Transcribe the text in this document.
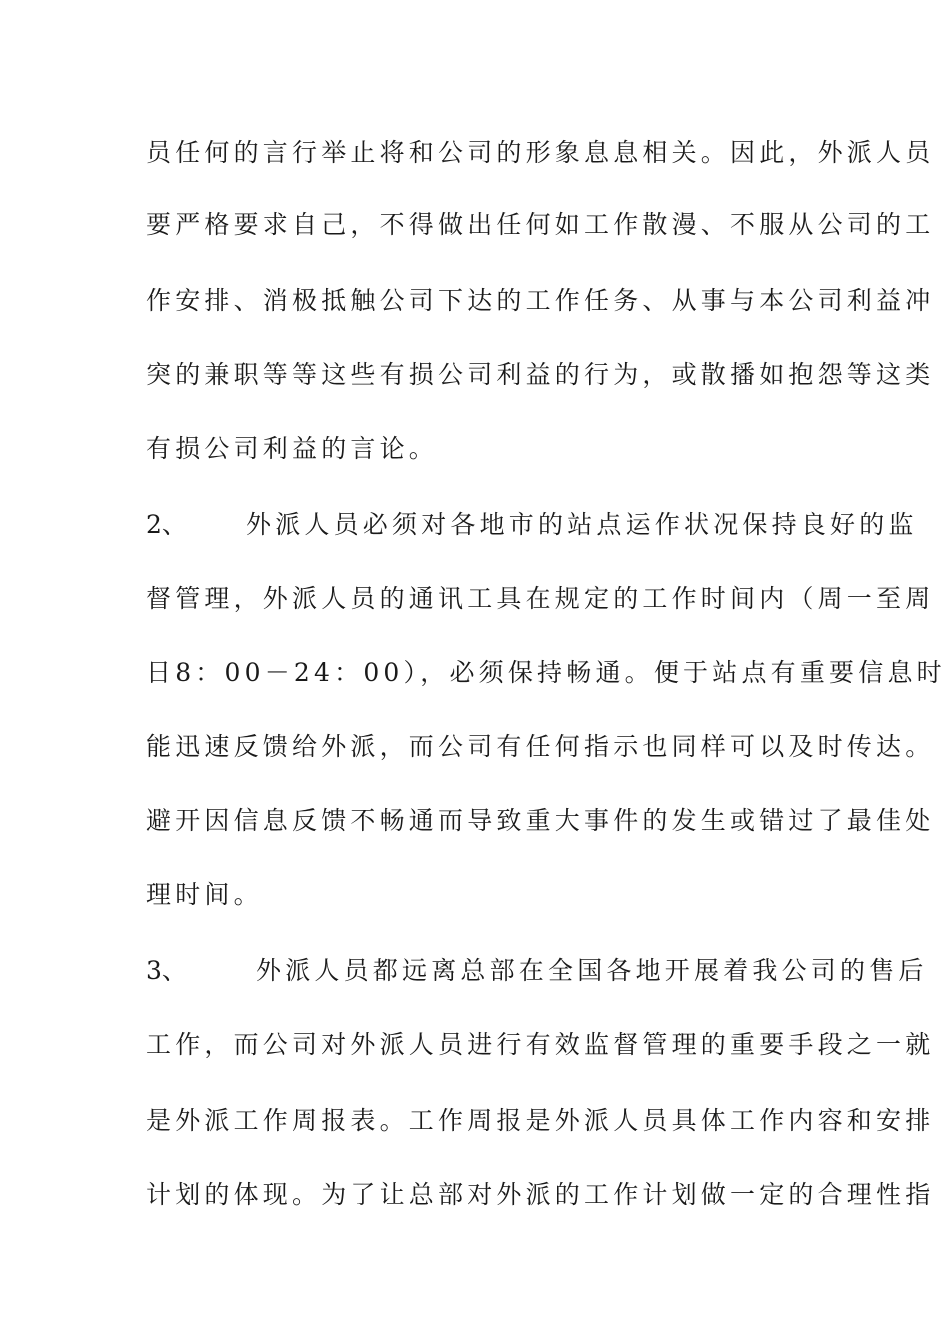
员任何的言行举止将和公司的形象息息相关。因此，外派人员
要严格要求自己，不得做出任何如工作散漫、不服从公司的工
作安排、消极抵触公司下达的工作任务、从事与本公司利益冲
突的兼职等等这些有损公司利益的行为，或散播如抱怨等这类
有损公司利益的言论。
2、 外派人员必须对各地市的站点运作状况保持良好的监
督管理，外派人员的通讯工具在规定的工作时间内（周一至周
日8：00－24：00），必须保持畅通。便于站点有重要信息时
能迅速反馈给外派，而公司有任何指示也同样可以及时传达。
避开因信息反馈不畅通而导致重大事件的发生或错过了最佳处
理时间。
3、	外派人员都远离总部在全国各地开展着我公司的售后
工作，而公司对外派人员进行有效监督管理的重要手段之一就
是外派工作周报表。工作周报是外派人员具体工作内容和安排
计划的体现。为了让总部对外派的工作计划做一定的合理性指
